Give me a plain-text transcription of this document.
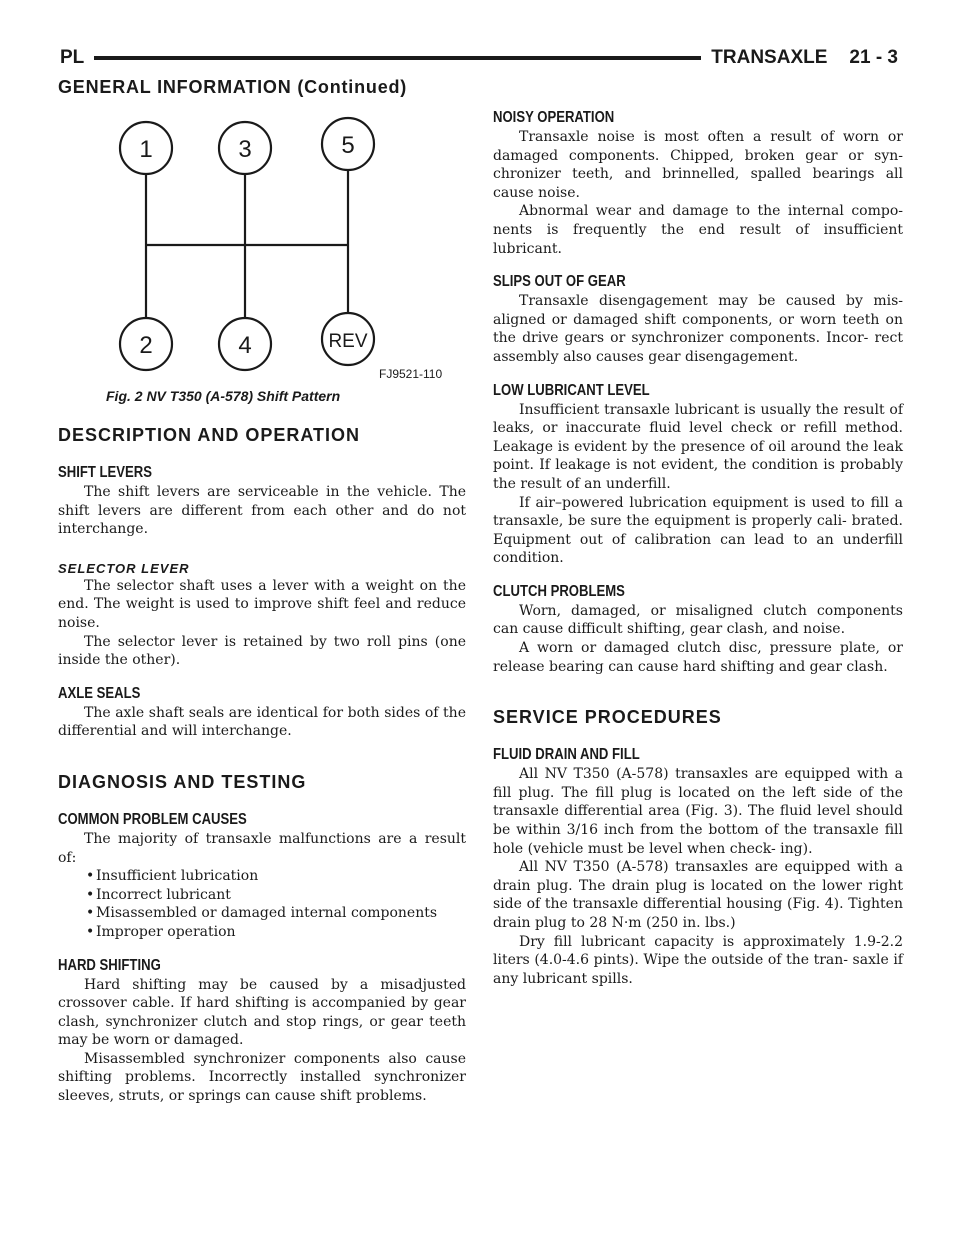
PL	TRANSAXLE 21 - 3
GENERAL INFORMATION (Continued)
1	3	5
2	4	REV
FJ9521-110
Fig. 2 NV T350 (A-578) Shift Pattern
DESCRIPTION AND OPERATION
SHIFT LEVERS

The shift levers are serviceable in the vehicle. The shift levers are different from each other and do not interchange.

SELECTOR LEVER

The selector shaft uses a lever with a weight on the end. The weight is used to improve shift feel and reduce noise.

The selector lever is retained by two roll pins (one inside the other).

AXLE SEALS

The axle shaft seals are identical for both sides of the differential and will interchange.

DIAGNOSIS AND TESTING
COMMON PROBLEM CAUSES

The majority of transaxle malfunctions are a result of:

• Insufficient lubrication
• Incorrect lubricant
• Misassembled or damaged internal components
• Improper operation
HARD SHIFTING

Hard shifting may be caused by a misadjusted crossover cable. If hard shifting is accompanied by gear clash, synchronizer clutch and stop rings, or gear teeth may be worn or damaged.

Misassembled synchronizer components also cause shifting problems. Incorrectly installed synchronizer sleeves, struts, or springs can cause shift problems.

NOISY OPERATION

Transaxle noise is most often a result of worn or damaged components. Chipped, broken gear or syn- chronizer teeth, and brinnelled, spalled bearings all cause noise.

Abnormal wear and damage to the internal compo- nents is frequently the end result of insufficient lubricant.

SLIPS OUT OF GEAR

Transaxle disengagement may be caused by mis- aligned or damaged shift components, or worn teeth on the drive gears or synchronizer components. Incor- rect assembly also causes gear disengagement.

LOW LUBRICANT LEVEL

Insufficient transaxle lubricant is usually the result of leaks, or inaccurate fluid level check or refill method. Leakage is evident by the presence of oil around the leak point. If leakage is not evident, the condition is probably the result of an underfill.

If air–powered lubrication equipment is used to fill a transaxle, be sure the equipment is properly cali- brated. Equipment out of calibration can lead to an underfill condition.

CLUTCH PROBLEMS

Worn, damaged, or misaligned clutch components can cause difficult shifting, gear clash, and noise.

A worn or damaged clutch disc, pressure plate, or release bearing can cause hard shifting and gear clash.

SERVICE PROCEDURES
FLUID DRAIN AND FILL

All NV T350 (A-578) transaxles are equipped with a fill plug. The fill plug is located on the left side of the transaxle differential area (Fig. 3). The fluid level should be within 3/16 inch from the bottom of the transaxle fill hole (vehicle must be level when check- ing).

All NV T350 (A-578) transaxles are equipped with a drain plug. The drain plug is located on the lower right side of the transaxle differential housing (Fig. 4). Tighten drain plug to 28 N·m (250 in. lbs.)

Dry fill lubricant capacity is approximately 1.9-2.2 liters (4.0-4.6 pints). Wipe the outside of the tran- saxle if any lubricant spills.
